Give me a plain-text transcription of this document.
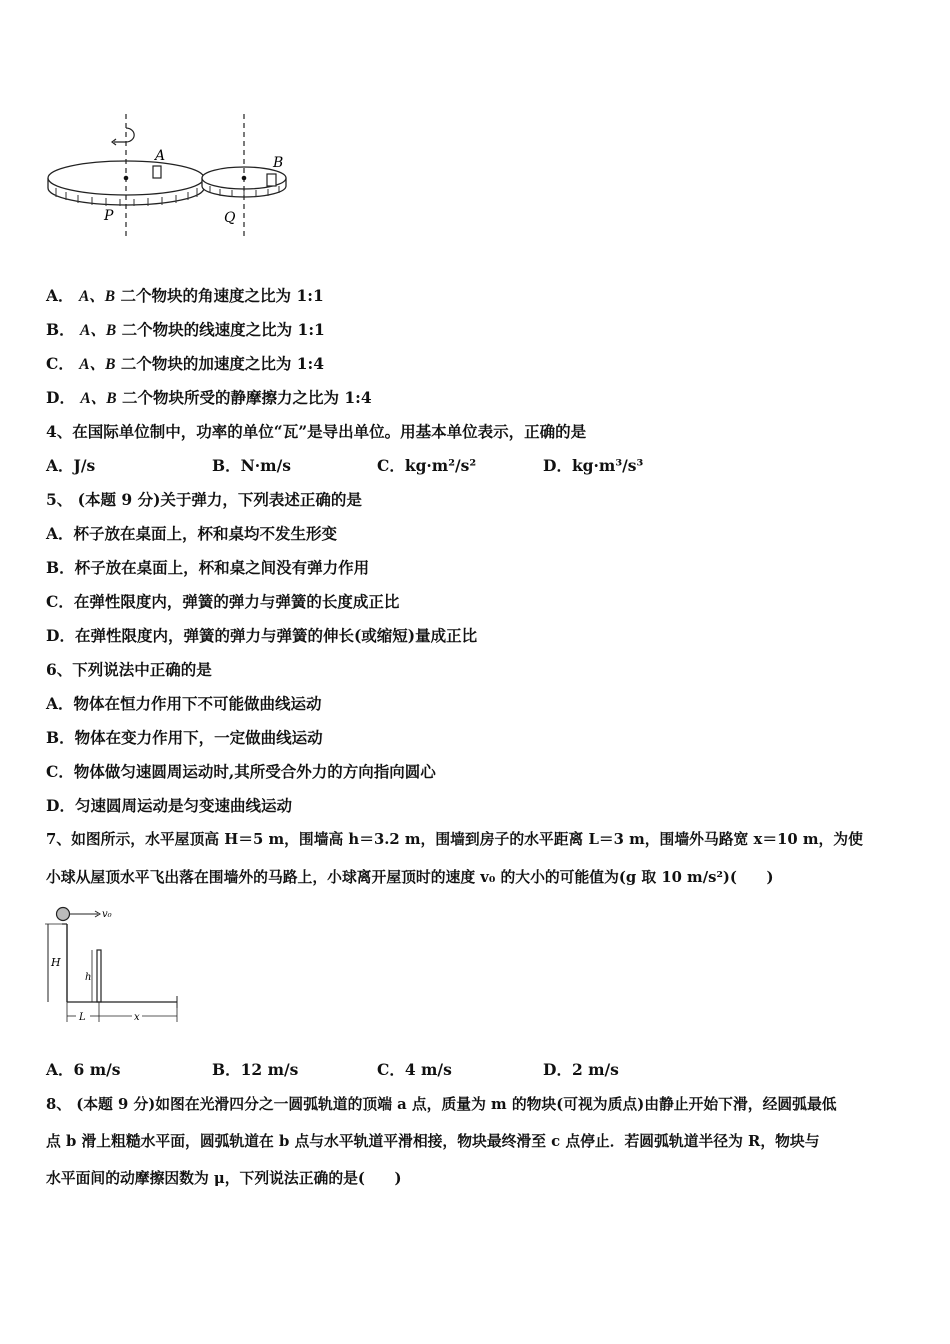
A	B
P	Q
A． A、B 二个物块的角速度之比为 1:1
B． A、B 二个物块的线速度之比为 1:1
C． A、B 二个物块的加速度之比为 1:4
D． A、B 二个物块所受的静摩擦力之比为 1:4
4、在国际单位制中，功率的单位“瓦”是导出单位。用基本单位表示，正确的是
A．J/s	B．N·m/s	C．kg·m²/s²	D．kg·m³/s³
5、 (本题 9 分)关于弹力，下列表述正确的是
A．杯子放在桌面上，杯和桌均不发生形变
B．杯子放在桌面上，杯和桌之间没有弹力作用
C．在弹性限度内，弹簧的弹力与弹簧的长度成正比
D．在弹性限度内，弹簧的弹力与弹簧的伸长(或缩短)量成正比
6、下列说法中正确的是
A．物体在恒力作用下不可能做曲线运动
B．物体在变力作用下，一定做曲线运动
C．物体做匀速圆周运动时,其所受合外力的方向指向圆心
D．匀速圆周运动是匀变速曲线运动
7、如图所示，水平屋顶高 H＝5 m，围墙高 h＝3.2 m，围墙到房子的水平距离 L＝3 m，围墙外马路宽 x＝10 m，为使
小球从屋顶水平飞出落在围墙外的马路上，小球离开屋顶时的速度 v₀ 的大小的可能值为(g 取 10 m/s²)(　　)
v₀
H
h
L	x
A．6 m/s	B．12 m/s	C．4 m/s	D．2 m/s
8、 (本题 9 分)如图在光滑四分之一圆弧轨道的顶端 a 点，质量为 m 的物块(可视为质点)由静止开始下滑，经圆弧最低
点 b 滑上粗糙水平面，圆弧轨道在 b 点与水平轨道平滑相接，物块最终滑至 c 点停止．若圆弧轨道半径为 R，物块与
水平面间的动摩擦因数为 μ，下列说法正确的是(　　)
